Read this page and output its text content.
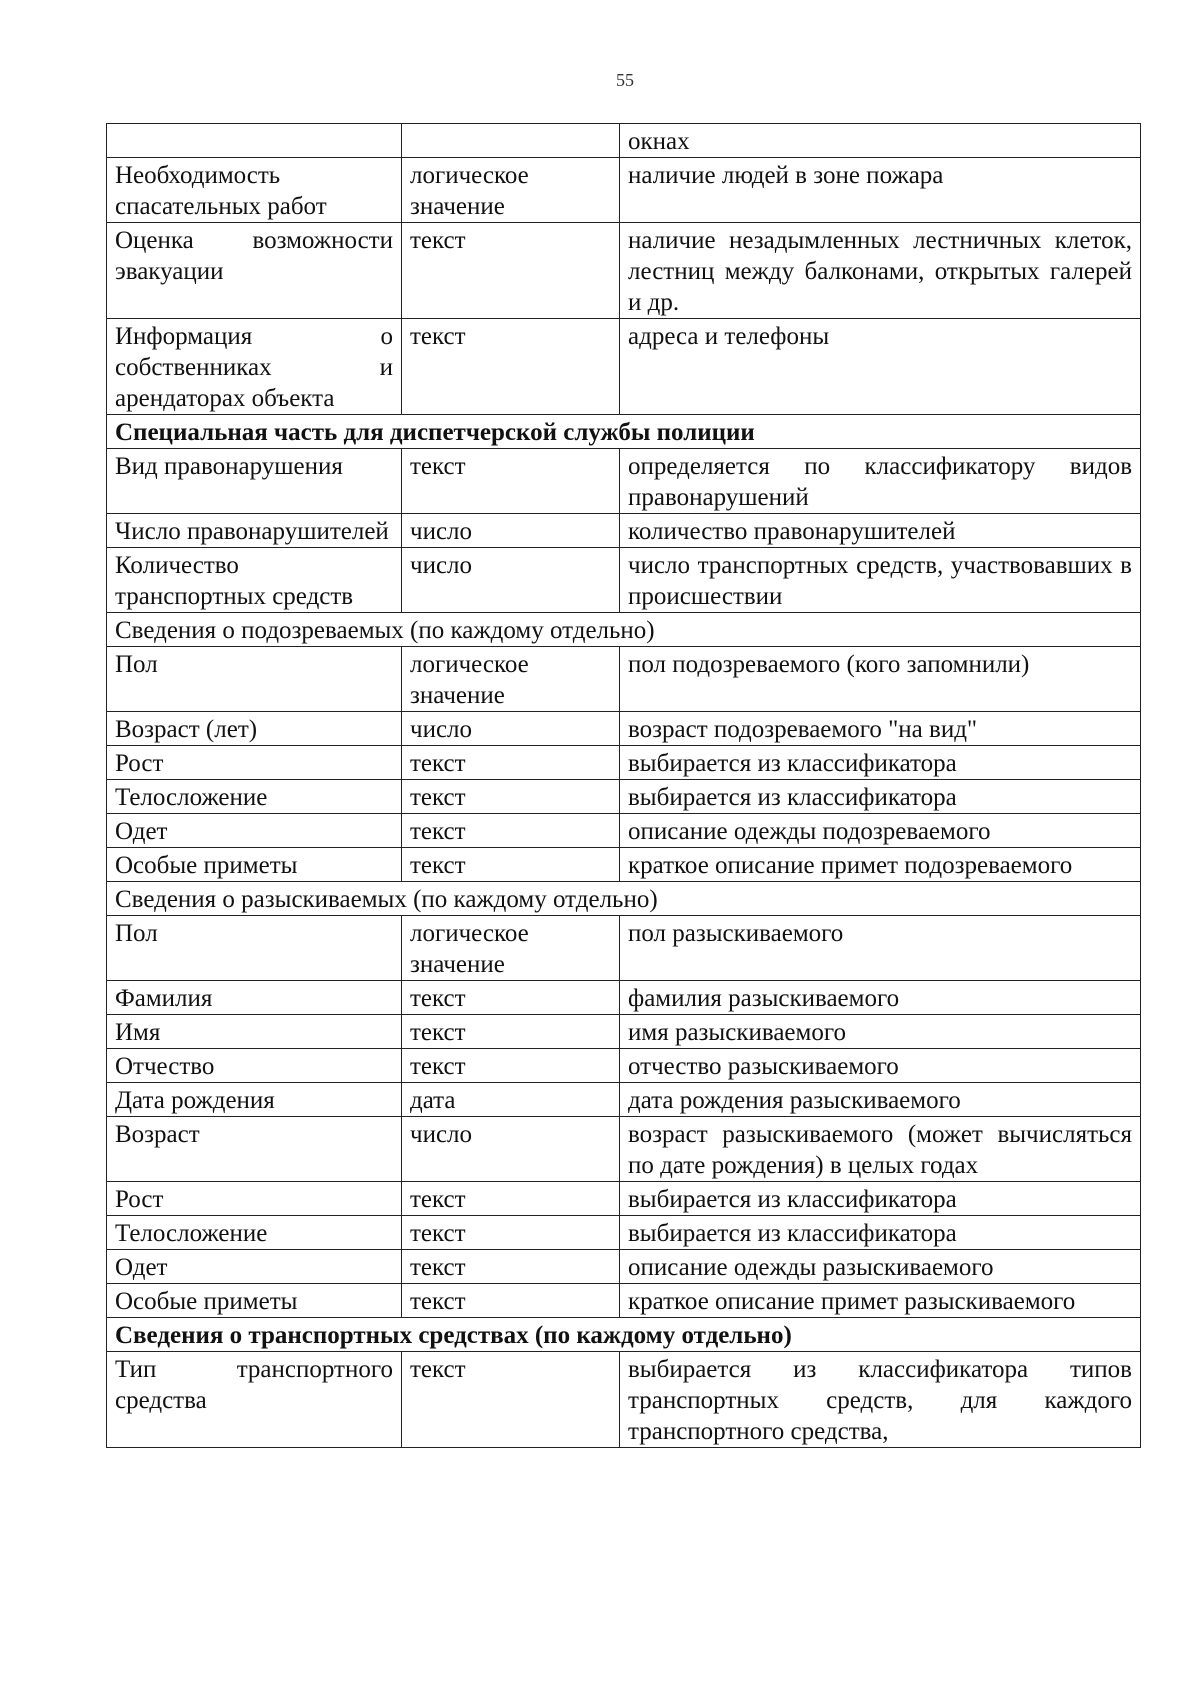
55
		окнах
Необходимость спасательных работ	логическое значение	наличие людей в зоне пожара
Оценка возможности эвакуации	текст	наличие незадымленных лестничных клеток, лестниц между балконами, открытых галерей и др.
Информация о собственниках и арендаторах объекта	текст	адреса и телефоны
Специальная часть для диспетчерской службы полиции		
Вид правонарушения	текст	определяется по классификатору видов правонарушений
Число правонарушителей	число	количество правонарушителей
Количество транспортных средств	число	число транспортных средств, участвовавших в происшествии
Сведения о подозреваемых (по каждому отдельно)		
Пол	логическое значение	пол подозреваемого (кого запомнили)
Возраст (лет)	число	возраст подозреваемого "на вид"
Рост	текст	выбирается из классификатора
Телосложение	текст	выбирается из классификатора
Одет	текст	описание одежды подозреваемого
Особые приметы	текст	краткое описание примет подозреваемого
Сведения о разыскиваемых (по каждому отдельно)		
Пол	логическое значение	пол разыскиваемого
Фамилия	текст	фамилия разыскиваемого
Имя	текст	имя разыскиваемого
Отчество	текст	отчество разыскиваемого
Дата рождения	дата	дата рождения разыскиваемого
Возраст	число	возраст разыскиваемого (может вычисляться по дате рождения) в целых годах
Рост	текст	выбирается из классификатора
Телосложение	текст	выбирается из классификатора
Одет	текст	описание одежды разыскиваемого
Особые приметы	текст	краткое описание примет разыскиваемого
Сведения о транспортных средствах (по каждому отдельно)		
Тип транспортного средства	текст	выбирается из классификатора типов транспортных средств, для каждого транспортного средства,
